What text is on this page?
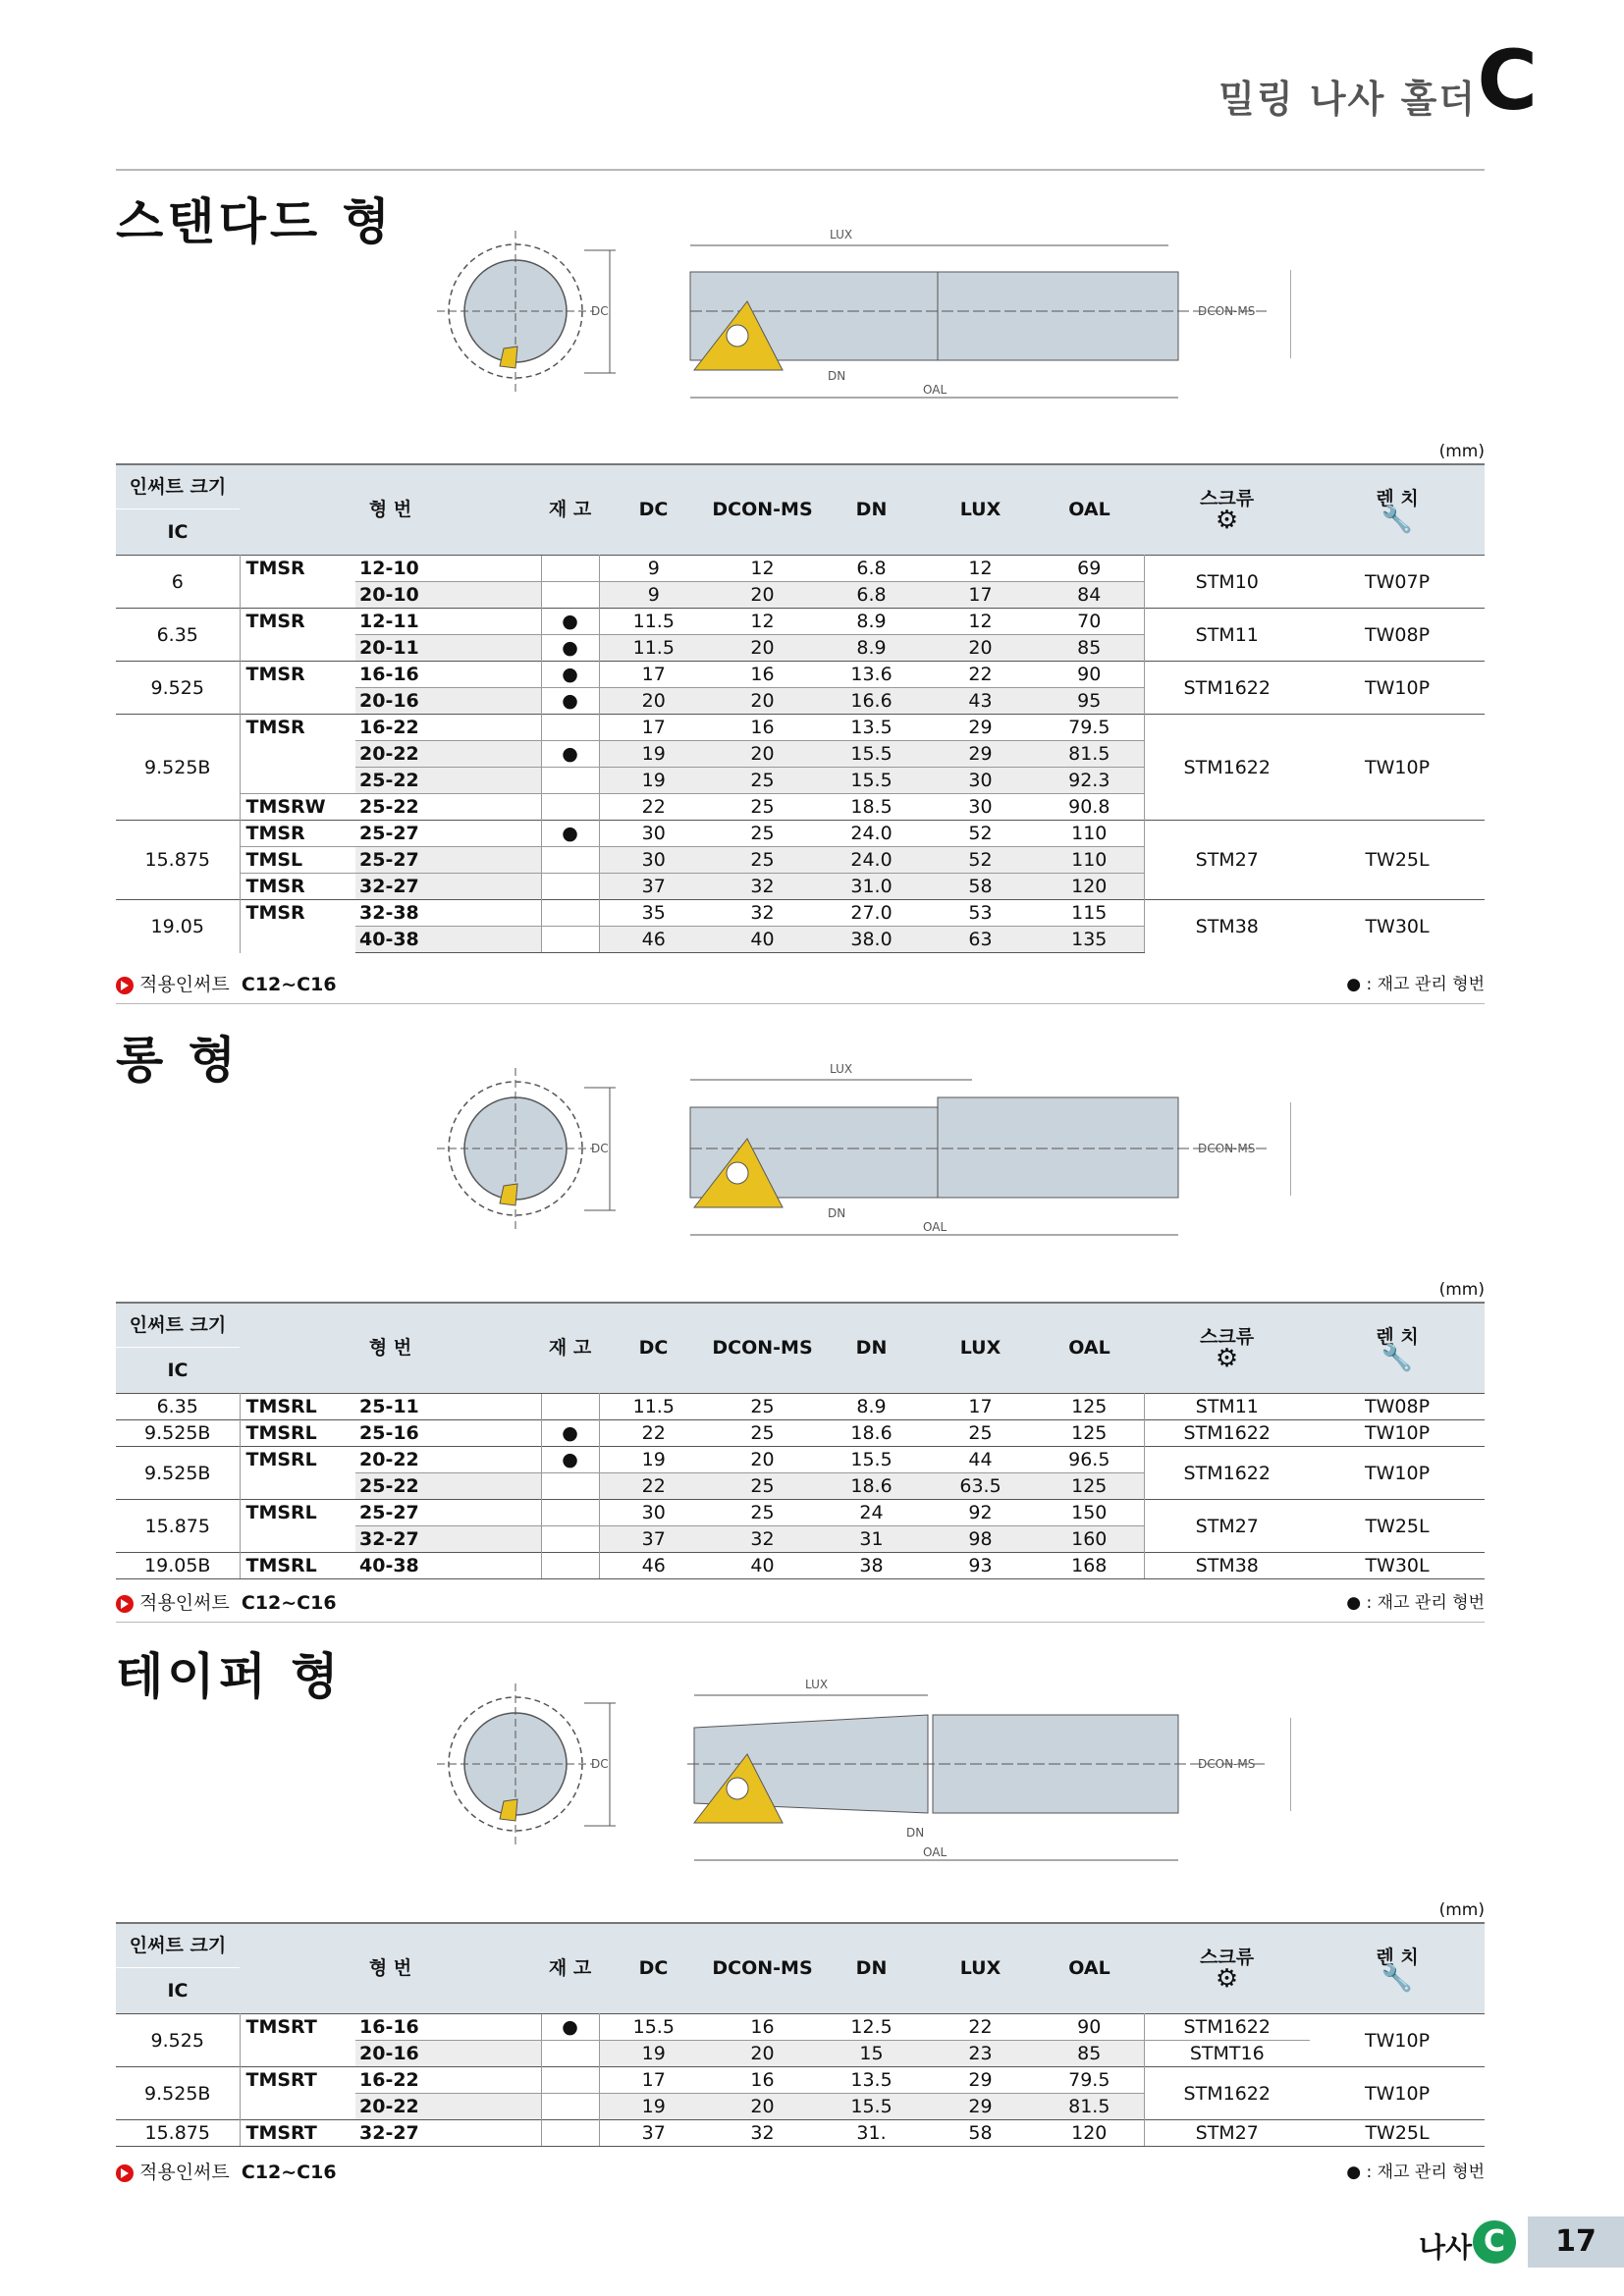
밀링 나사 홀더 C
스탠다드 형
DC
LUX
DCON-MS
OAL
DN
(mm)
인써트 크기	형 번		재 고	DC	DCON-MS	DN	LUX	OAL	스크류
⚙	렌 치
🔧
IC										
6	TMSR	12-10		9	12	6.8	12	69	STM10	TW07P
		20-10		9	20	6.8	17	84		
6.35	TMSR	12-11	●	11.5	12	8.9	12	70	STM11	TW08P
		20-11	●	11.5	20	8.9	20	85		
9.525	TMSR	16-16	●	17	16	13.6	22	90	STM1622	TW10P
		20-16	●	20	20	16.6	43	95		
9.525B	TMSR	16-22		17	16	13.5	29	79.5	STM1622	TW10P
		20-22	●	19	20	15.5	29	81.5		
		25-22		19	25	15.5	30	92.3		
	TMSRW	25-22		22	25	18.5	30	90.8		
15.875	TMSR	25-27	●	30	25	24.0	52	110	STM27	TW25L
	TMSL	25-27		30	25	24.0	52	110		
	TMSR	32-27		37	32	31.0	58	120		
19.05	TMSR	32-38		35	32	27.0	53	115	STM38	TW30L
		40-38		46	40	38.0	63	135		
적용인써트 C12~C16	● : 재고 관리 형번
롱 형
DC
LUX
DCON-MS
OAL
DN
(mm)
인써트 크기	형 번		재 고	DC	DCON-MS	DN	LUX	OAL	스크류
⚙	렌 치
🔧
IC										
6.35	TMSRL	25-11		11.5	25	8.9	17	125	STM11	TW08P
9.525B	TMSRL	25-16	●	22	25	18.6	25	125	STM1622	TW10P
9.525B	TMSRL	20-22	●	19	20	15.5	44	96.5	STM1622	TW10P
		25-22		22	25	18.6	63.5	125		
15.875	TMSRL	25-27		30	25	24	92	150	STM27	TW25L
		32-27		37	32	31	98	160		
19.05B	TMSRL	40-38		46	40	38	93	168	STM38	TW30L
적용인써트 C12~C16	● : 재고 관리 형번
테이퍼 형
DC
LUX
DCON-MS
OAL
DN
(mm)
인써트 크기	형 번		재 고	DC	DCON-MS	DN	LUX	OAL	스크류
⚙	렌 치
🔧
IC										
9.525	TMSRT	16-16	●	15.5	16	12.5	22	90	STM1622	TW10P
		20-16		19	20	15	23	85	STMT16	
9.525B	TMSRT	16-22		17	16	13.5	29	79.5	STM1622	TW10P
		20-22		19	20	15.5	29	81.5		
15.875	TMSRT	32-27		37	32	31.	58	120	STM27	TW25L
적용인써트 C12~C16	● : 재고 관리 형번
나사 C	17
